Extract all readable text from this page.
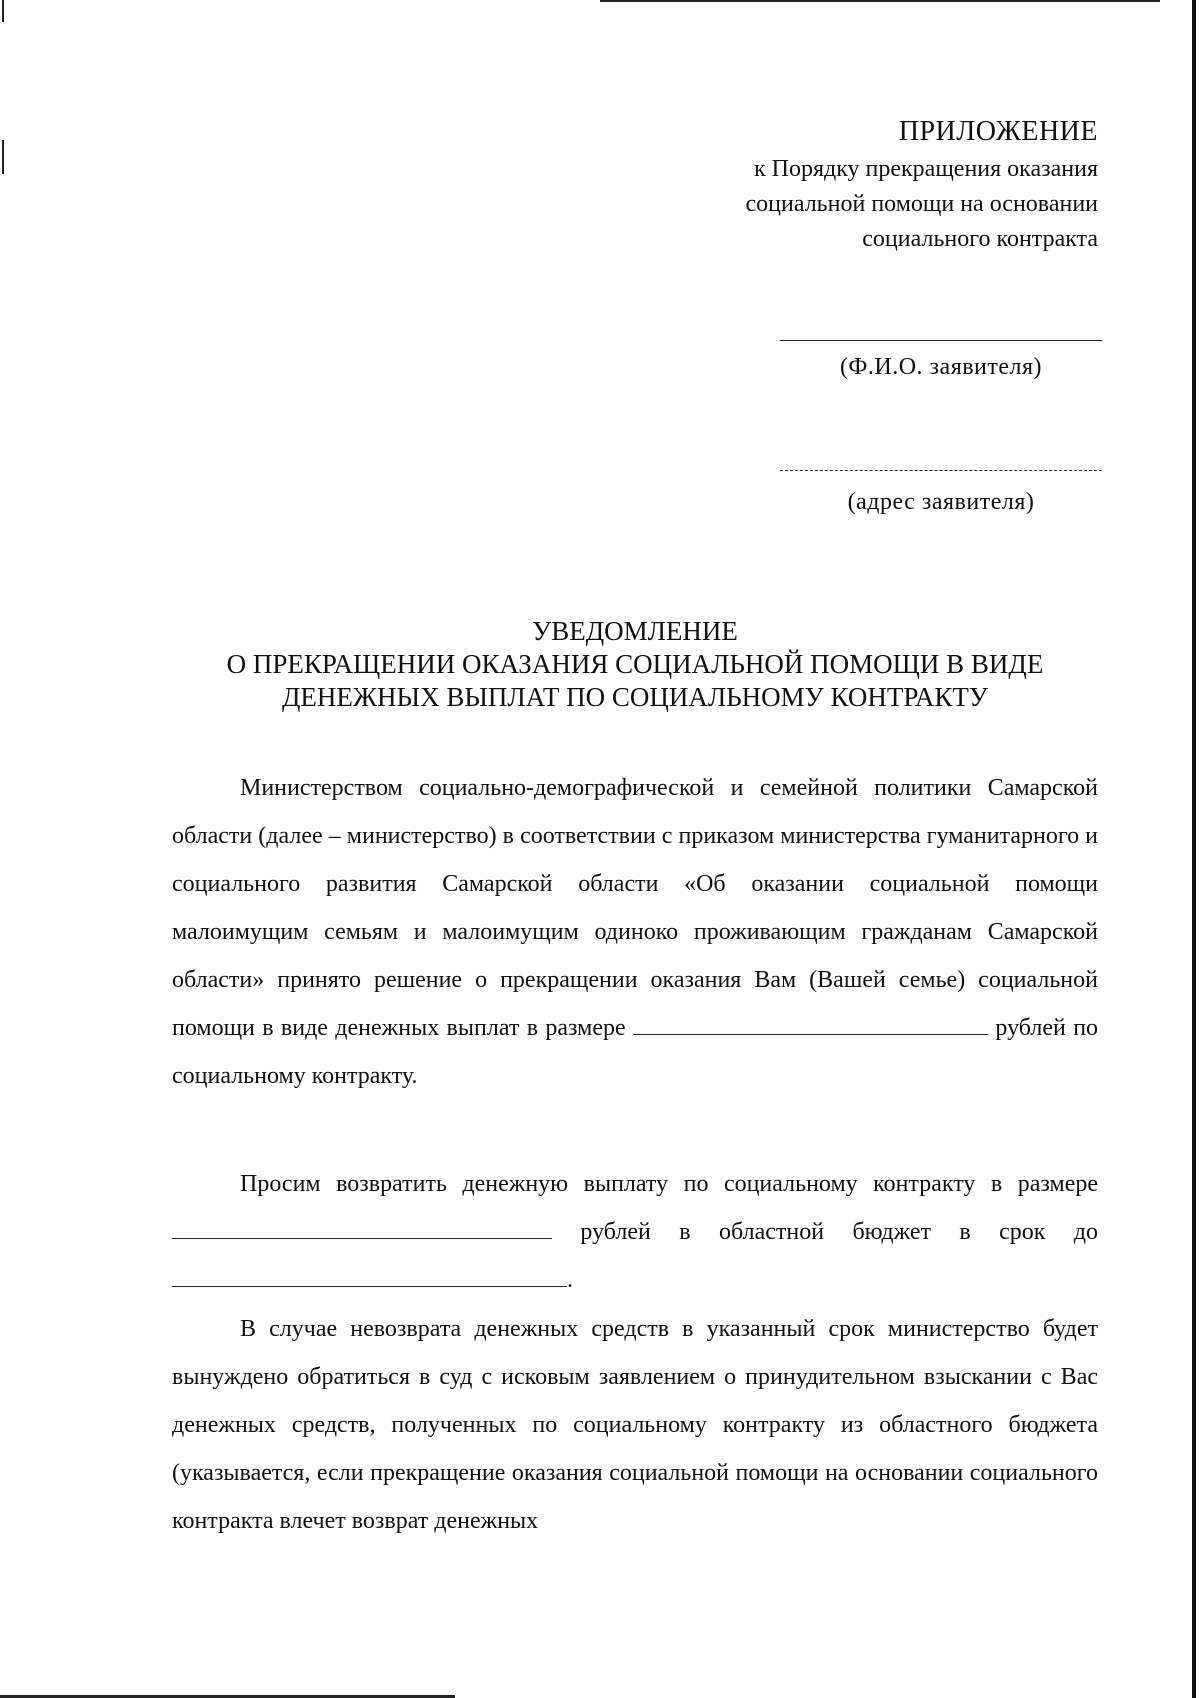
ПРИЛОЖЕНИЕ
к Порядку прекращения оказания
социальной помощи на основании
социального контракта
(Ф.И.О. заявителя)
(адрес заявителя)
УВЕДОМЛЕНИЕ
О ПРЕКРАЩЕНИИ ОКАЗАНИЯ СОЦИАЛЬНОЙ ПОМОЩИ В ВИДЕ
ДЕНЕЖНЫХ ВЫПЛАТ ПО СОЦИАЛЬНОМУ КОНТРАКТУ

Министерством социально-демографической и семейной политики Самарской области (далее – министерство) в соответствии с приказом министерства гуманитарного и социального развития Самарской области «Об оказании социальной помощи малоимущим семьям и малоимущим одиноко проживающим гражданам Самарской области» принято решение о прекращении оказания Вам (Вашей семье) социальной помощи в виде денежных выплат в размере	рублей по социальному контракту.

Просим возвратить денежную выплату по социальному контракту в размере  рублей в областной бюджет в срок до .

В случае невозврата денежных средств в указанный срок министерство будет вынуждено обратиться в суд с исковым заявлением о принудительном взыскании с Вас денежных средств, полученных по социальному контракту из областного бюджета (указывается, если прекращение оказания социальной помощи на основании социального контракта влечет возврат денежных
